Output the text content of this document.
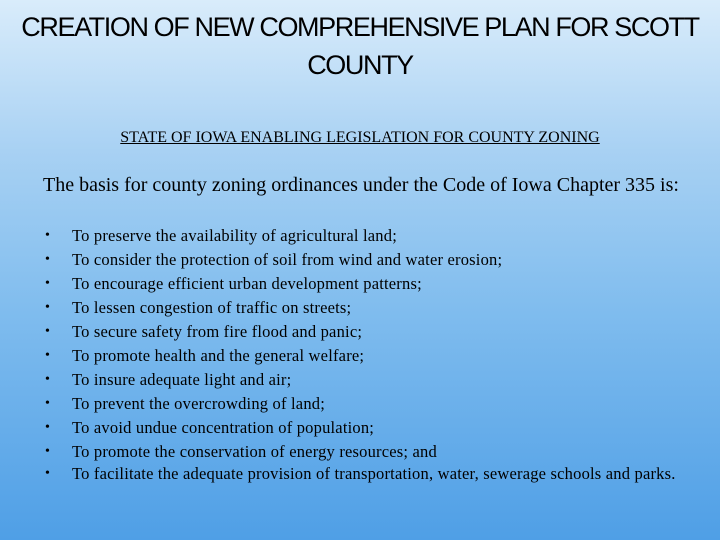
CREATION OF NEW COMPREHENSIVE PLAN FOR SCOTT COUNTY
STATE OF IOWA ENABLING LEGISLATION FOR COUNTY ZONING
The basis for county zoning ordinances under the Code of Iowa Chapter 335 is:
• To preserve the availability of agricultural land;
• To consider the protection of soil from wind and water erosion;
• To encourage efficient urban development patterns;
• To lessen congestion of traffic on streets;
• To secure safety from fire flood and panic;
• To promote health and the general welfare;
• To insure adequate light and air;
• To prevent the overcrowding of land;
• To avoid undue concentration of population;
• To promote the conservation of energy resources; and
• To facilitate the adequate provision of transportation, water, sewerage schools and parks.
